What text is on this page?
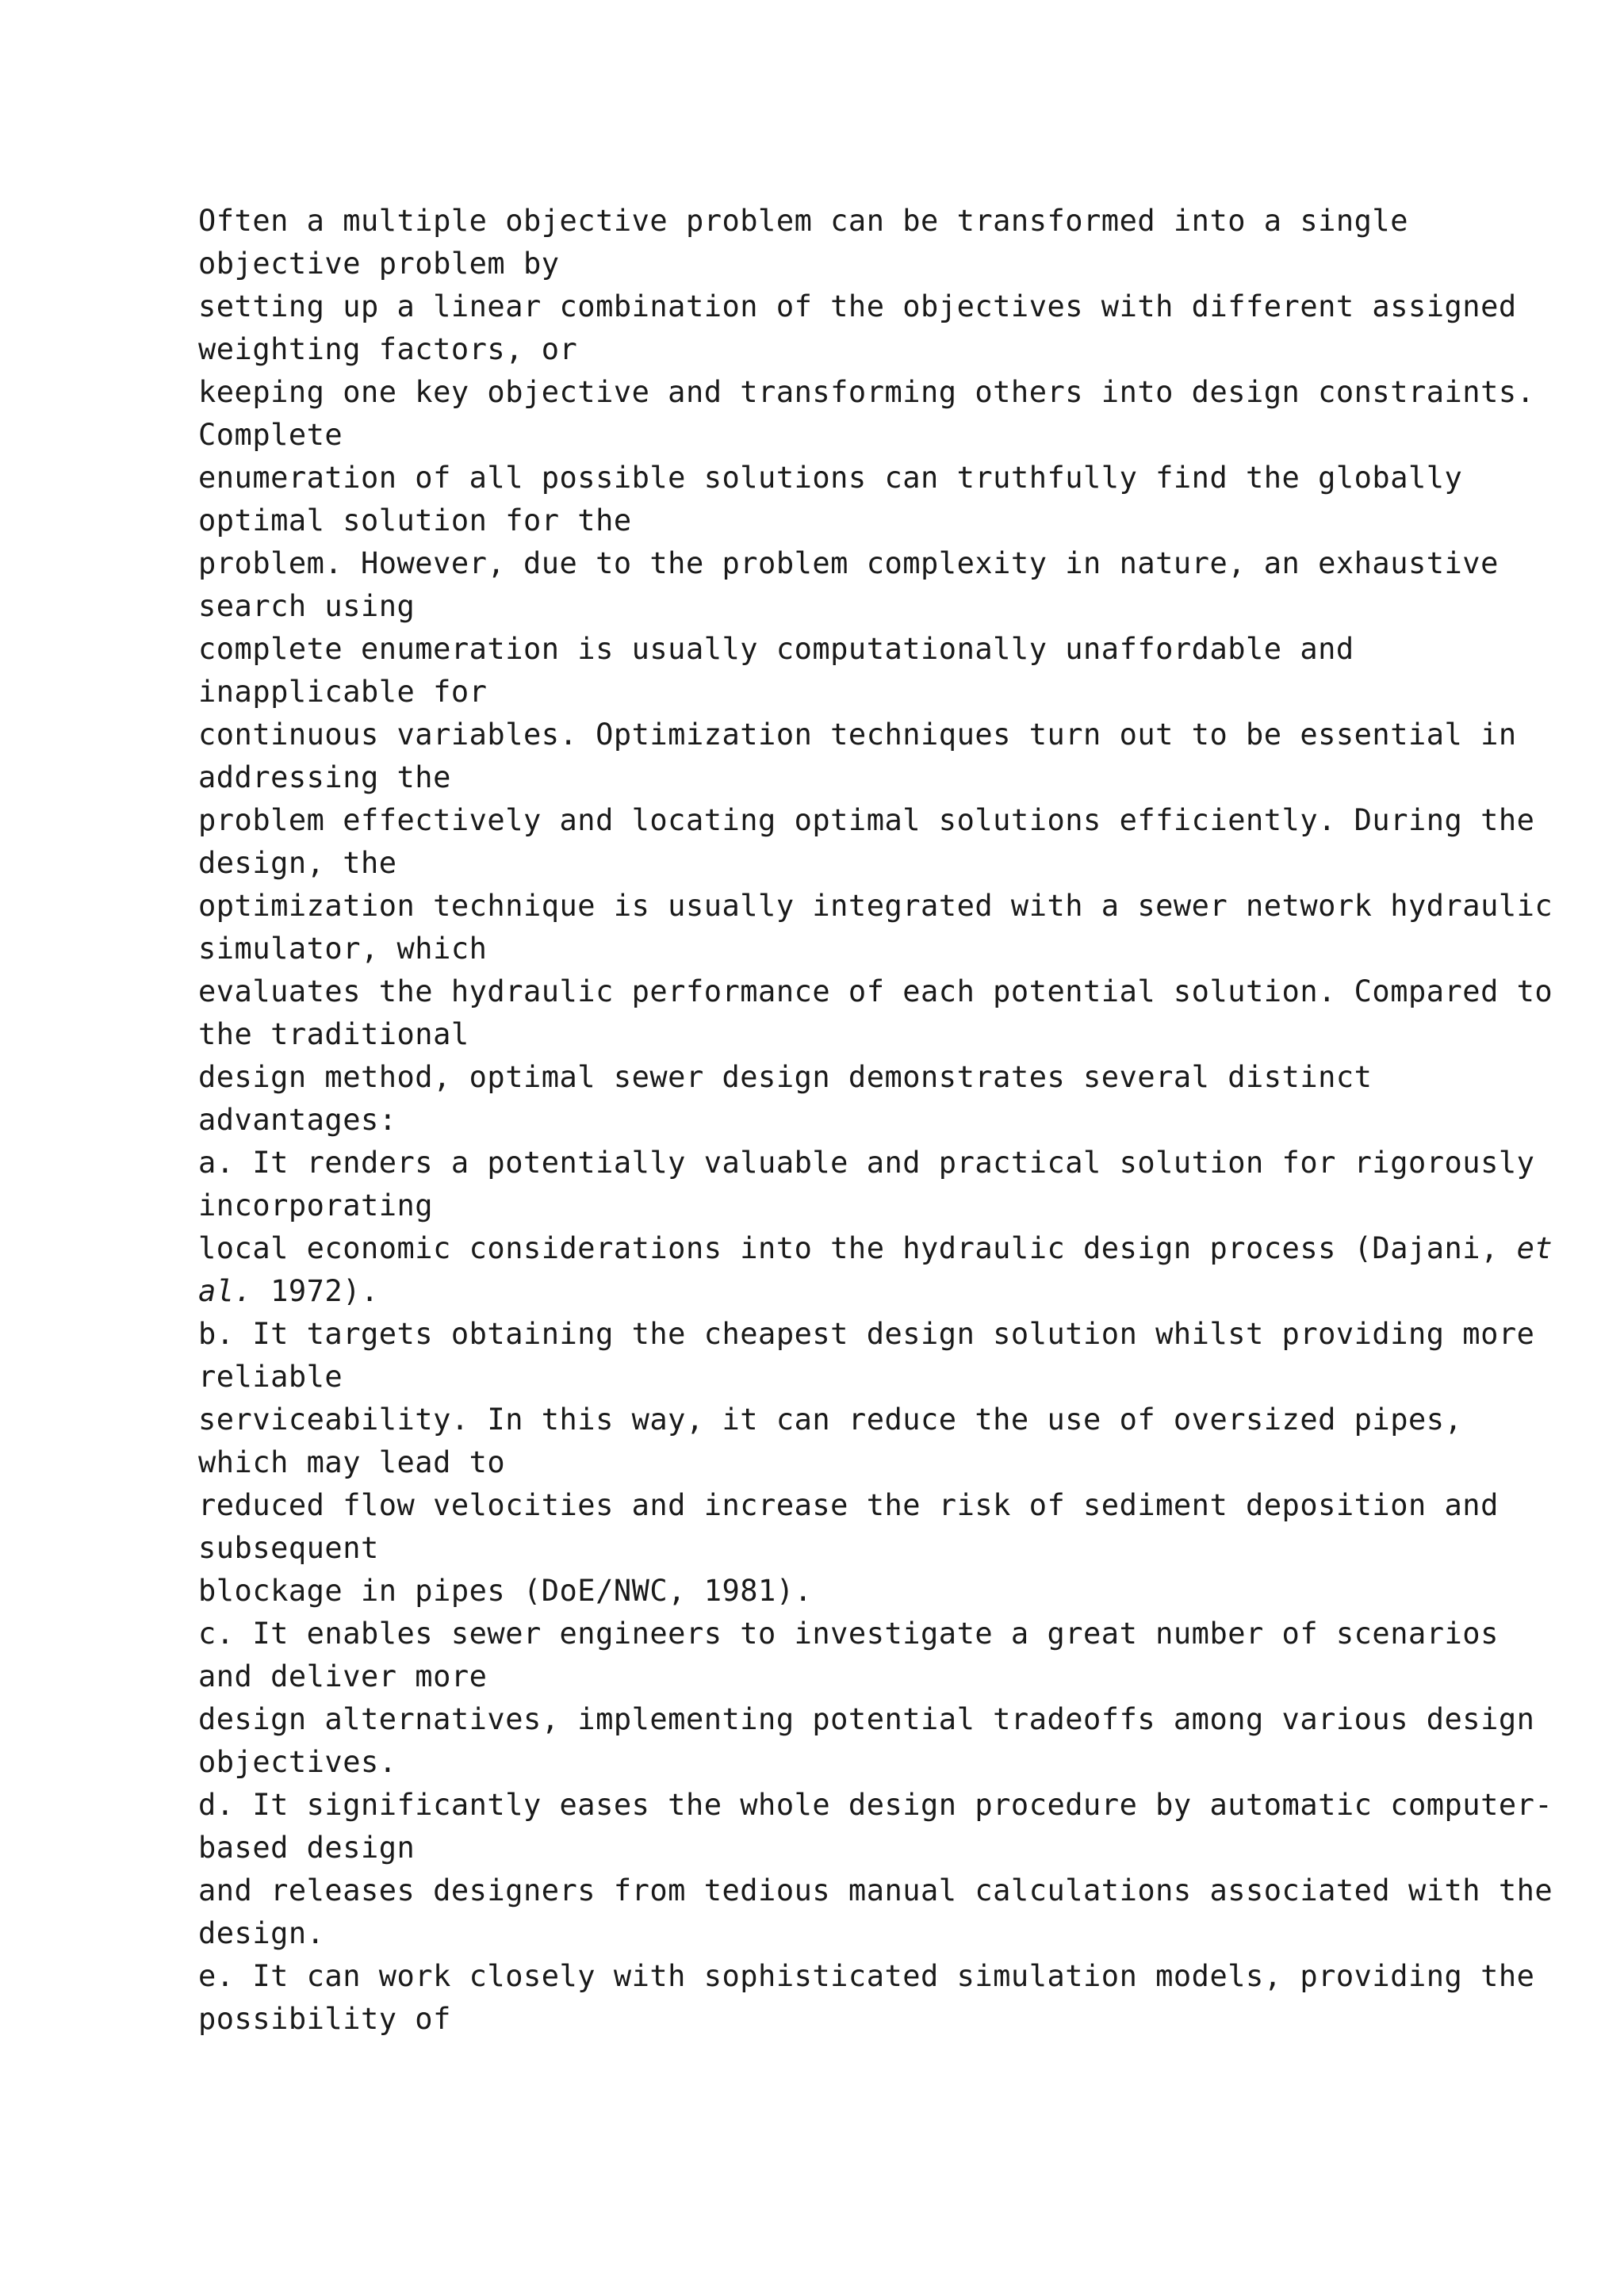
Often a multiple objective problem can be transformed into a single
objective problem by
setting up a linear combination of the objectives with different assigned
weighting factors, or
keeping one key objective and transforming others into design constraints.
Complete
enumeration of all possible solutions can truthfully find the globally
optimal solution for the
problem. However, due to the problem complexity in nature, an exhaustive
search using
complete enumeration is usually computationally unaffordable and
inapplicable for
continuous variables. Optimization techniques turn out to be essential in
addressing the
problem effectively and locating optimal solutions efficiently. During the
design, the
optimization technique is usually integrated with a sewer network hydraulic
simulator, which
evaluates the hydraulic performance of each potential solution. Compared to
the traditional
design method, optimal sewer design demonstrates several distinct
advantages:
a. It renders a potentially valuable and practical solution for rigorously
incorporating
local economic considerations into the hydraulic design process (Dajani, et
al. 1972).
b. It targets obtaining the cheapest design solution whilst providing more
reliable
serviceability. In this way, it can reduce the use of oversized pipes,
which may lead to
reduced flow velocities and increase the risk of sediment deposition and
subsequent
blockage in pipes (DoE/NWC, 1981).
c. It enables sewer engineers to investigate a great number of scenarios
and deliver more
design alternatives, implementing potential tradeoffs among various design
objectives.
d. It significantly eases the whole design procedure by automatic computer-
based design
and releases designers from tedious manual calculations associated with the
design.
e. It can work closely with sophisticated simulation models, providing the
possibility of
